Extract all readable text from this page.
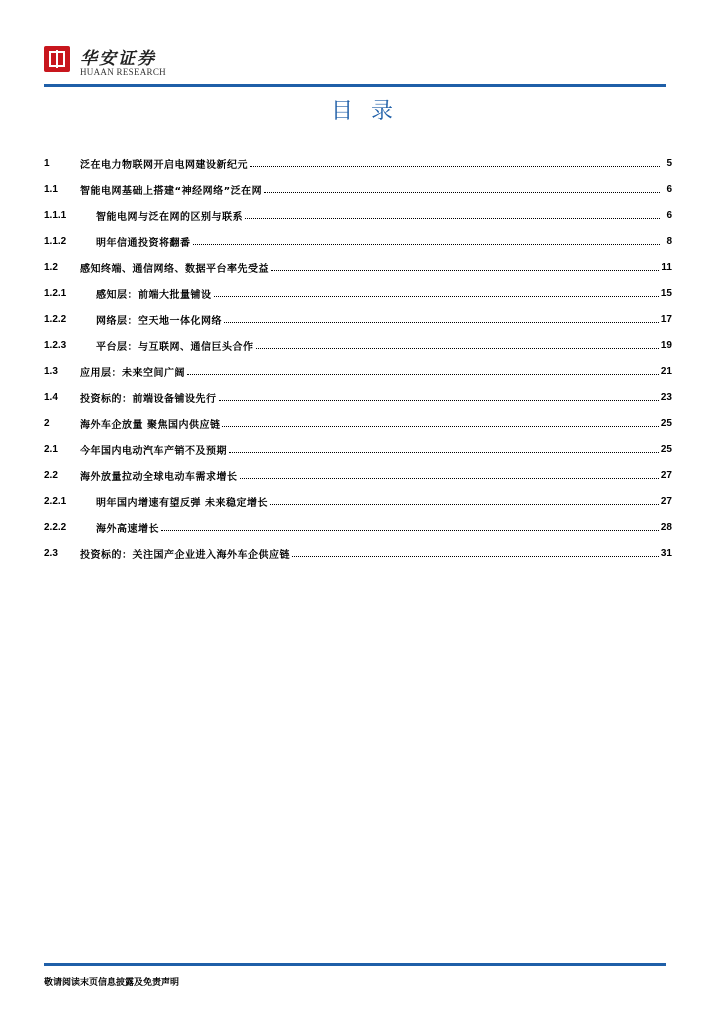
华安证券
HUAAN RESEARCH
目录
1	泛在电力物联网开启电网建设新纪元	5
1.1	智能电网基础上搭建“神经网络”泛在网	6
1.1.1	智能电网与泛在网的区别与联系	6
1.1.2	明年信通投资将翻番	8
1.2	感知终端、通信网络、数据平台率先受益	11
1.2.1	感知层：前端大批量铺设	15
1.2.2	网络层：空天地一体化网络	17
1.2.3	平台层：与互联网、通信巨头合作	19
1.3	应用层：未来空间广阔	21
1.4	投资标的：前端设备铺设先行	23
2	海外车企放量 聚焦国内供应链	25
2.1	今年国内电动汽车产销不及预期	25
2.2	海外放量拉动全球电动车需求增长	27
2.2.1	明年国内增速有望反弹 未来稳定增长	27
2.2.2	海外高速增长	28
2.3	投资标的：关注国产企业进入海外车企供应链	31
敬请阅读末页信息披露及免责声明
